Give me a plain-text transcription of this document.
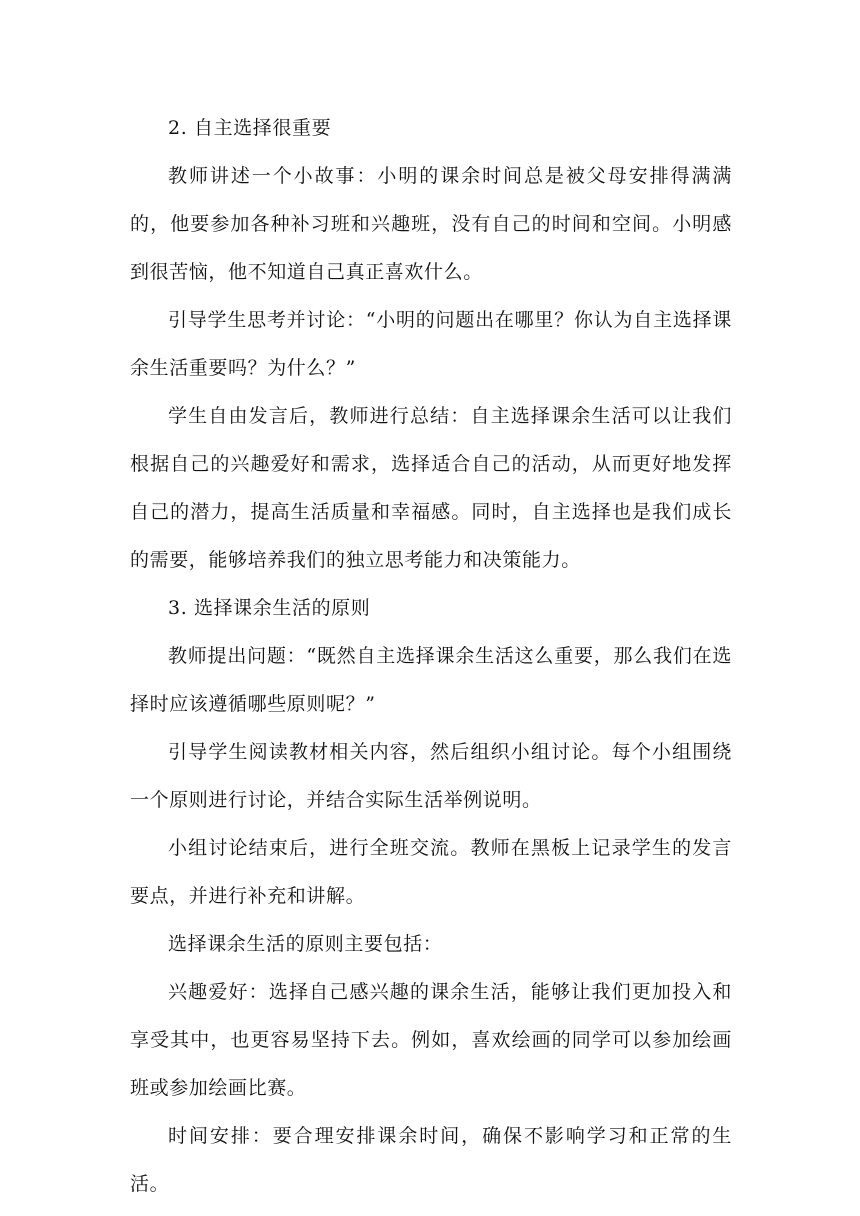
2. 自主选择很重要

教师讲述一个小故事：小明的课余时间总是被父母安排得满满的，他要参加各种补习班和兴趣班，没有自己的时间和空间。小明感到很苦恼，他不知道自己真正喜欢什么。

引导学生思考并讨论：“小明的问题出在哪里？你认为自主选择课余生活重要吗？为什么？”

学生自由发言后，教师进行总结：自主选择课余生活可以让我们根据自己的兴趣爱好和需求，选择适合自己的活动，从而更好地发挥自己的潜力，提高生活质量和幸福感。同时，自主选择也是我们成长的需要，能够培养我们的独立思考能力和决策能力。

3. 选择课余生活的原则

教师提出问题：“既然自主选择课余生活这么重要，那么我们在选择时应该遵循哪些原则呢？”

引导学生阅读教材相关内容，然后组织小组讨论。每个小组围绕一个原则进行讨论，并结合实际生活举例说明。

小组讨论结束后，进行全班交流。教师在黑板上记录学生的发言要点，并进行补充和讲解。

选择课余生活的原则主要包括：

兴趣爱好：选择自己感兴趣的课余生活，能够让我们更加投入和享受其中，也更容易坚持下去。例如，喜欢绘画的同学可以参加绘画班或参加绘画比赛。

时间安排：要合理安排课余时间，确保不影响学习和正常的生活。
